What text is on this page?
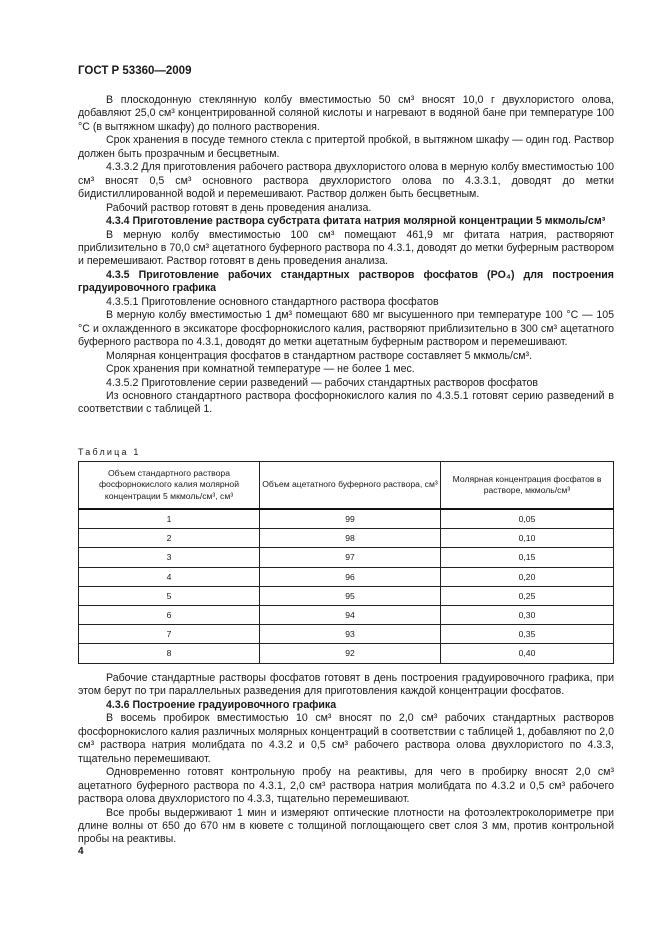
ГОСТ Р 53360—2009

В плоскодонную стеклянную колбу вместимостью 50 см³ вносят 10,0 г двухлористого олова, добавляют 25,0 см³ концентрированной соляной кислоты и нагревают в водяной бане при температуре 100 °С (в вытяжном шкафу) до полного растворения.

Срок хранения в посуде темного стекла с притертой пробкой, в вытяжном шкафу — один год. Раствор должен быть прозрачным и бесцветным.

4.3.3.2 Для приготовления рабочего раствора двухлористого олова в мерную колбу вместимостью 100 см³ вносят 0,5 см³ основного раствора двухлористого олова по 4.3.3.1, доводят до метки бидистиллированной водой и перемешивают. Раствор должен быть бесцветным.

Рабочий раствор готовят в день проведения анализа.

4.3.4 Приготовление раствора субстрата фитата натрия молярной концентрации 5 мкмоль/см³

В мерную колбу вместимостью 100 см³ помещают 461,9 мг фитата натрия, растворяют приблизительно в 70,0 см³ ацетатного буферного раствора по 4.3.1, доводят до метки буферным раствором и перемешивают. Раствор готовят в день проведения анализа.

4.3.5 Приготовление рабочих стандартных растворов фосфатов (PO₄) для построения градуировочного графика

4.3.5.1 Приготовление основного стандартного раствора фосфатов

В мерную колбу вместимостью 1 дм³ помещают 680 мг высушенного при температуре 100 °С — 105 °С и охлажденного в эксикаторе фосфорнокислого калия, растворяют приблизительно в 300 см³ ацетатного буферного раствора по 4.3.1, доводят до метки ацетатным буферным раствором и перемешивают.

Молярная концентрация фосфатов в стандартном растворе составляет 5 мкмоль/см³.

Срок хранения при комнатной температуре — не более 1 мес.

4.3.5.2 Приготовление серии разведений — рабочих стандартных растворов фосфатов

Из основного стандартного раствора фосфорнокислого калия по 4.3.5.1 готовят серию разведений в соответствии с таблицей 1.

Таблица 1
Объем стандартного раствора фосфорнокислого калия молярной концентрации 5 мкмоль/см³, см³	Объем ацетатного буферного раствора, см³	Молярная концентрация фосфатов в растворе, мкмоль/см³
1	99	0,05
2	98	0,10
3	97	0,15
4	96	0,20
5	95	0,25
6	94	0,30
7	93	0,35
8	92	0,40

Рабочие стандартные растворы фосфатов готовят в день построения градуировочного графика, при этом берут по три параллельных разведения для приготовления каждой концентрации фосфатов.

4.3.6 Построение градуировочного графика

В восемь пробирок вместимостью 10 см³ вносят по 2,0 см³ рабочих стандартных растворов фосфорнокислого калия различных молярных концентраций в соответствии с таблицей 1, добавляют по 2,0 см³ раствора натрия молибдата по 4.3.2 и 0,5 см³ рабочего раствора олова двухлористого по 4.3.3, тщательно перемешивают.

Одновременно готовят контрольную пробу на реактивы, для чего в пробирку вносят 2,0 см³ ацетатного буферного раствора по 4.3.1, 2,0 см³ раствора натрия молибдата по 4.3.2 и 0,5 см³ рабочего раствора олова двухлористого по 4.3.3, тщательно перемешивают.

Все пробы выдерживают 1 мин и измеряют оптические плотности на фотоэлектроколориметре при длине волны от 650 до 670 нм в кювете с толщиной поглощающего свет слоя 3 мм, против контрольной пробы на реактивы.

4
